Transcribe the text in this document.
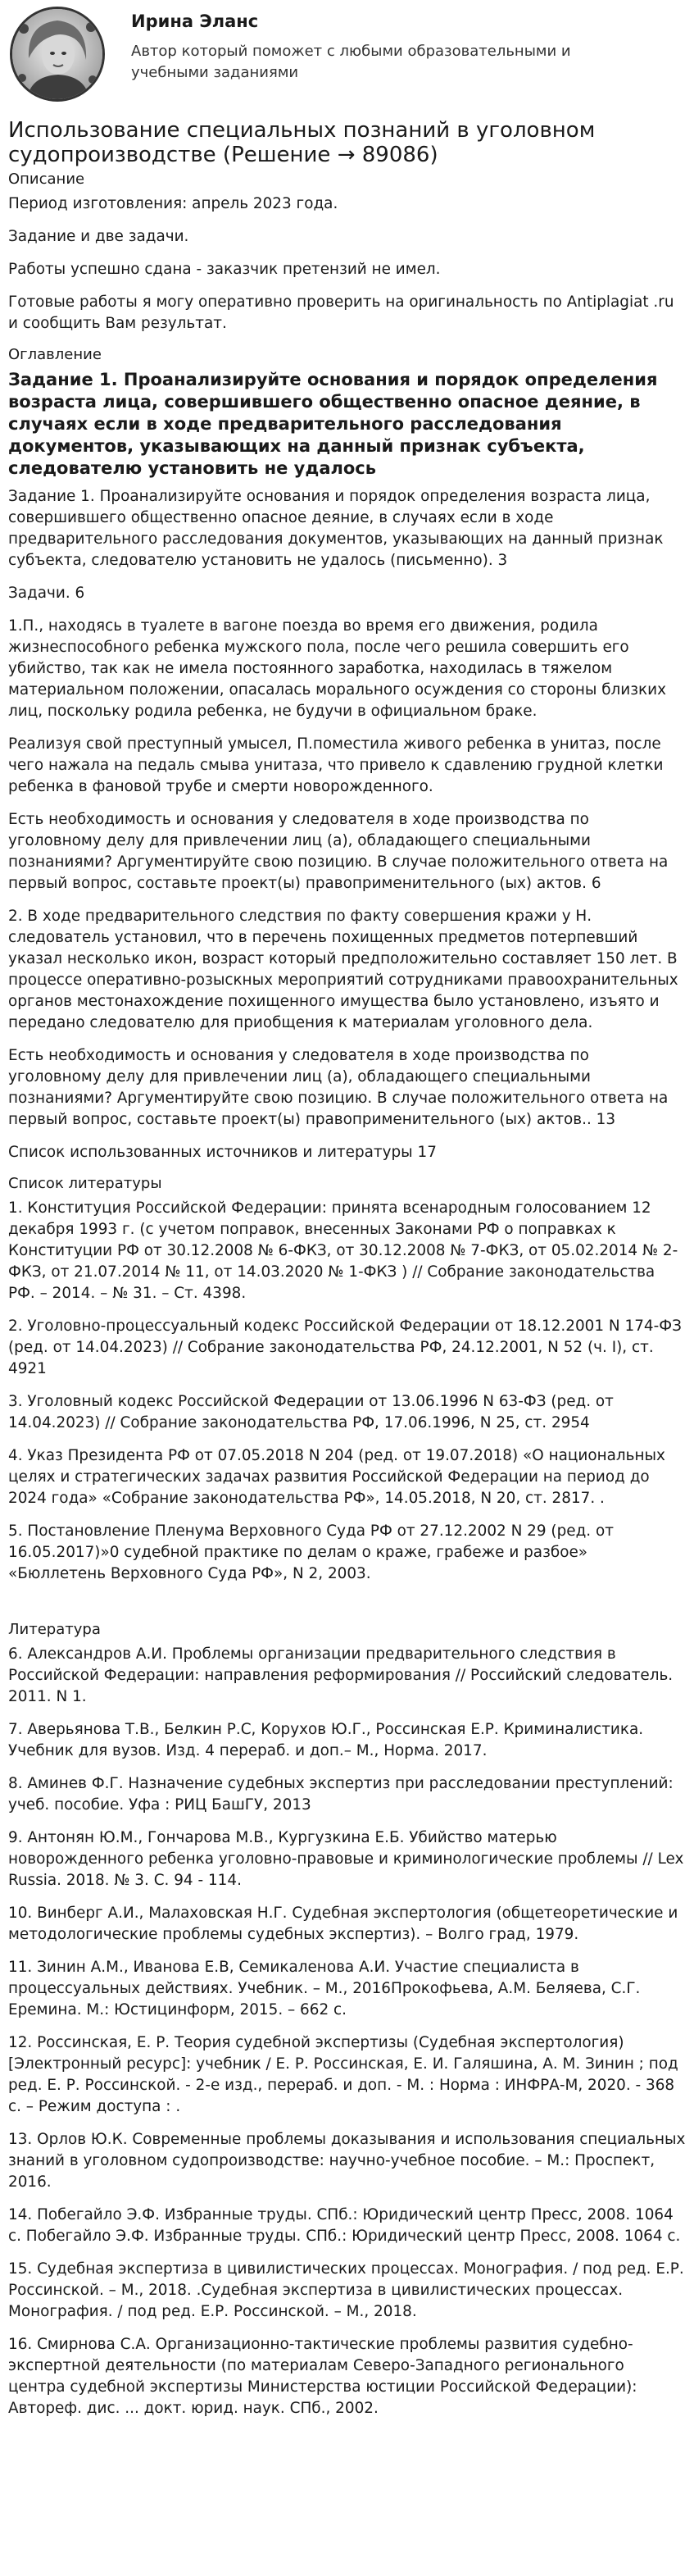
Ирина Эланс
Автор который поможет с любыми образовательными и учебными заданиями
Использование специальных познаний в уголовном судопроизводстве (Решение → 89086)
Описание

Период изготовления: апрель 2023 года.

Задание и две задачи.

Работы успешно сдана - заказчик претензий не имел.

Готовые работы я могу оперативно проверить на оригинальность по Antiplagiat .ru и сообщить Вам результат.

Оглавление
Задание 1. Проанализируйте основания и порядок определения возраста лица, совершившего общественно опасное деяние, в случаях если в ходе предварительного расследования документов, указывающих на данный признак субъекта, следователю установить не удалось

Задание 1. Проанализируйте основания и порядок определения возраста лица, совершившего общественно опасное деяние, в случаях если в ходе предварительного расследования документов, указывающих на данный признак субъекта, следователю установить не удалось (письменно). 3

Задачи. 6

1.П., находясь в туалете в вагоне поезда во время его движения, родила жизнеспособного ребенка мужского пола, после чего решила совершить его убийство, так как не имела постоянного заработка, находилась в тяжелом материальном положении, опасалась морального осуждения со стороны близких лиц, поскольку родила ребенка, не будучи в официальном браке.

Реализуя свой преступный умысел, П.поместила живого ребенка в унитаз, после чего нажала на педаль смыва унитаза, что привело к сдавлению грудной клетки ребенка в фановой трубе и смерти новорожденного.

Есть необходимость и основания у следователя в ходе производства по уголовному делу для привлечении лиц (а), обладающего специальными познаниями? Аргументируйте свою позицию. В случае положительного ответа на первый вопрос, составьте проект(ы) правоприменительного (ых) актов. 6

2. В ходе предварительного следствия по факту совершения кражи у Н. следователь установил, что в перечень похищенных предметов потерпевший указал несколько икон, возраст который предположительно составляет 150 лет. В процессе оперативно-розыскных мероприятий сотрудниками правоохранительных органов местонахождение похищенного имущества было установлено, изъято и передано следователю для приобщения к материалам уголовного дела.

Есть необходимость и основания у следователя в ходе производства по уголовному делу для привлечении лиц (а), обладающего специальными познаниями? Аргументируйте свою позицию. В случае положительного ответа на первый вопрос, составьте проект(ы) правоприменительного (ых) актов.. 13

Список использованных источников и литературы 17

Список литературы

1. Конституция Российской Федерации: принята всенародным голосованием 12 декабря 1993 г. (с учетом поправок, внесенных Законами РФ о поправках к Конституции РФ от 30.12.2008 № 6-ФКЗ, от 30.12.2008 № 7-ФКЗ, от 05.02.2014 № 2-ФКЗ, от 21.07.2014 № 11, от 14.03.2020 № 1-ФКЗ ) // Собрание законодательства РФ. – 2014. – № 31. – Ст. 4398.

2. Уголовно-процессуальный кодекс Российской Федерации от 18.12.2001 N 174-ФЗ (ред. от 14.04.2023) // Собрание законодательства РФ, 24.12.2001, N 52 (ч. I), ст. 4921

3. Уголовный кодекс Российской Федерации от 13.06.1996 N 63-ФЗ (ред. от 14.04.2023) // Собрание законодательства РФ, 17.06.1996, N 25, ст. 2954

4. Указ Президента РФ от 07.05.2018 N 204 (ред. от 19.07.2018) «О национальных целях и стратегических задачах развития Российской Федерации на период до 2024 года» «Собрание законодательства РФ», 14.05.2018, N 20, ст. 2817. .

5. Постановление Пленума Верховного Суда РФ от 27.12.2002 N 29 (ред. от 16.05.2017)»0 судебной практике по делам о краже, грабеже и разбое» «Бюллетень Верховного Суда РФ», N 2, 2003.

Литература

6. Александров А.И. Проблемы организации предварительного следствия в Российской Федерации: направления реформирования // Российский следователь. 2011. N 1.

7. Аверьянова Т.В., Белкин Р.С, Корухов Ю.Г., Россинская Е.Р. Криминалистика. Учебник для вузов. Изд. 4 перераб. и доп.– М., Норма. 2017.

8. Аминев Ф.Г. Назначение судебных экспертиз при расследовании преступлений: учеб. пособие. Уфа : РИЦ БашГУ, 2013

9. Антонян Ю.М., Гончарова М.В., Кургузкина Е.Б. Убийство матерью новорожденного ребенка уголовно-правовые и криминологические проблемы // Lex Russia. 2018. № 3. С. 94 - 114.

10. Винберг А.И., Малаховская Н.Г. Судебная экспертология (общетеоретические и методологические проблемы судебных экспертиз). – Волго град, 1979.

11. Зинин А.М., Иванова Е.В, Семикаленова А.И. Участие специалиста в процессуальных действиях. Учебник. – М., 2016Прокофьева, А.М. Беляева, С.Г. Еремина. М.: Юстицинформ, 2015. – 662 с.

12. Россинская, Е. Р. Теория судебной экспертизы (Судебная экспертология) [Электронный ресурс]: учебник / Е. Р. Россинская, Е. И. Галяшина, А. М. Зинин ; под ред. Е. Р. Россинской. - 2-е изд., перераб. и доп. - М. : Норма : ИНФРА-М, 2020. - 368 с. – Режим доступа : .

13. Орлов Ю.К. Современные проблемы доказывания и использования специальных знаний в уголовном судопроизводстве: научно-учебное пособие. – М.: Проспект, 2016.

14. Побегайло Э.Ф. Избранные труды. СПб.: Юридический центр Пресс, 2008. 1064 с. Побегайло Э.Ф. Избранные труды. СПб.: Юридический центр Пресс, 2008. 1064 с.

15. Судебная экспертиза в цивилистических процессах. Монография. / под ред. Е.Р. Россинской. – М., 2018. .Судебная экспертиза в цивилистических процессах. Монография. / под ред. Е.Р. Россинской. – М., 2018.

16. Смирнова С.А. Организационно-тактические проблемы развития судебно-экспертной деятельности (по материалам Северо-Западного регионального центра судебной экспертизы Министерства юстиции Российской Федерации): Автореф. дис. ... докт. юрид. наук. СПб., 2002.
